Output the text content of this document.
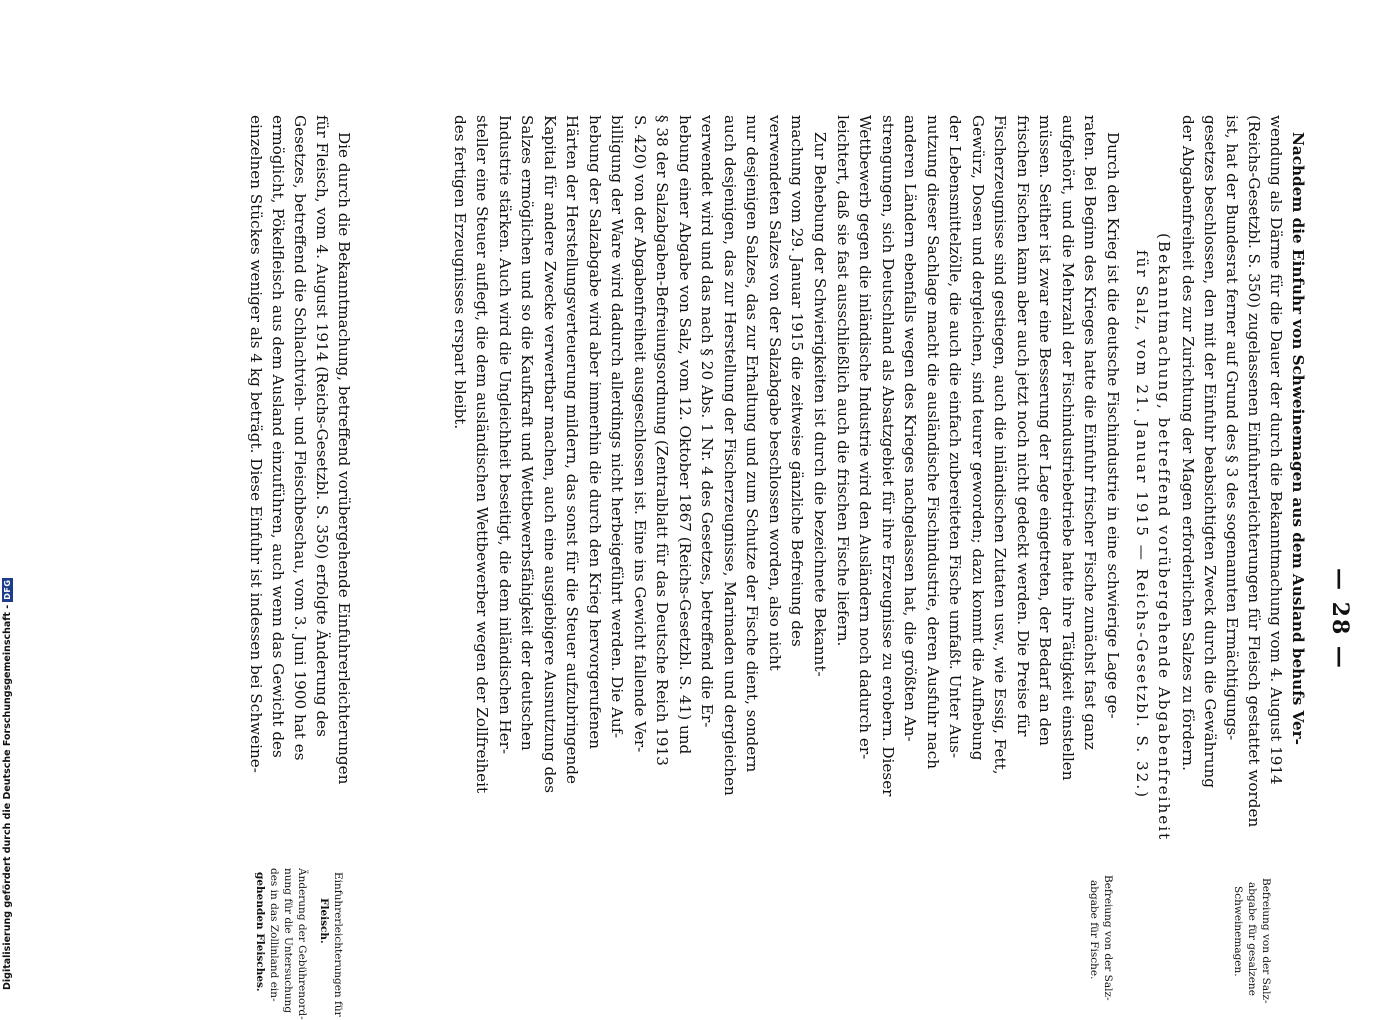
Digitalisierung gefördert durch die Deutsche Forschungsgemeinschaft -
DFG	— 28 —
Nachdem die Einfuhr von Schweinemagen aus dem Ausland behufs Ver-
wendung als Därme für die Dauer der durch die Bekanntmachung vom 4. August 1914
(Reichs-Gesetzbl. S. 350) zugelassenen Einfuhrerleichterungen für Fleisch gestattet worden
ist, hat der Bundesrat ferner auf Grund des § 3 des sogenannten Ermächtigungs-
gesetzes beschlossen, den mit der Einfuhr beabsichtigten Zweck durch die Gewährung
der Abgabenfreiheit des zur Zurichtung der Magen erforderlichen Salzes zu fördern.
(Bekanntmachung, betreffend vorübergehende Abgabenfreiheit
für Salz, vom 21. Januar 1915 — Reichs-Gesetzbl. S. 32.)
Durch den Krieg ist die deutsche Fischindustrie in eine schwierige Lage ge-
raten. Bei Beginn des Krieges hatte die Einfuhr frischer Fische zunächst fast ganz
aufgehört, und die Mehrzahl der Fischindustriebetriebe hatte ihre Tätigkeit einstellen
müssen. Seither ist zwar eine Besserung der Lage eingetreten, der Bedarf an den
frischen Fischen kann aber auch jetzt noch nicht gedeckt werden. Die Preise für
Fischerzeugnisse sind gestiegen, auch die inländischen Zutaten usw., wie Essig, Fett,
Gewürz, Dosen und dergleichen, sind teurer geworden; dazu kommt die Aufhebung
der Lebensmittelzölle, die auch die einfach zubereiteten Fische umfaßt. Unter Aus-
nutzung dieser Sachlage macht die ausländische Fischindustrie, deren Ausfuhr nach
anderen Ländern ebenfalls wegen des Krieges nachgelassen hat, die größten An-
strengungen, sich Deutschland als Absatzgebiet für ihre Erzeugnisse zu erobern. Dieser
Wettbewerb gegen die inländische Industrie wird den Ausländern noch dadurch er-
leichtert, daß sie fast ausschließlich auch die frischen Fische liefern.
Zur Behebung der Schwierigkeiten ist durch die bezeichnete Bekannt-
machung vom 29. Januar 1915 die zeitweise gänzliche Befreiung des
verwendeten Salzes von der Salzabgabe beschlossen worden, also nicht
nur desjenigen Salzes, das zur Erhaltung und zum Schutze der Fische dient, sondern
auch desjenigen, das zur Herstellung der Fischerzeugnisse, Marinaden und dergleichen
verwendet wird und das nach § 20 Abs. 1 Nr. 4 des Gesetzes, betreffend die Er-
hebung einer Abgabe von Salz, vom 12. Oktober 1867 (Reichs-Gesetzbl. S. 41) und
§ 38 der Salzabgaben-Befreiungsordnung (Zentralblatt für das Deutsche Reich 1913
S. 420) von der Abgabenfreiheit ausgeschlossen ist. Eine ins Gewicht fallende Ver-
billigung der Ware wird dadurch allerdings nicht herbeigeführt werden. Die Auf-
hebung der Salzabgabe wird aber immerhin die durch den Krieg hervorgerufenen
Härten der Herstellungsverteuerung mildern, das sonst für die Steuer aufzubringende
Kapital für andere Zwecke verwertbar machen, auch eine ausgiebigere Ausnutzung des
Salzes ermöglichen und so die Kaufkraft und Wettbewerbsfähigkeit der deutschen
Industrie stärken. Auch wird die Ungleichheit beseitigt, die dem inländischen Her-
steller eine Steuer auflegt, die dem ausländischen Wettbewerber wegen der Zollfreiheit
des fertigen Erzeugnisses erspart bleibt.
Die durch die Bekanntmachung, betreffend vorübergehende Einfuhrerleichterungen
für Fleisch, vom 4. August 1914 (Reichs-Gesetzbl. S. 350) erfolgte Änderung des
Gesetzes, betreffend die Schlachtvieh- und Fleischbeschau, vom 3. Juni 1900 hat es
ermöglicht, Pökelfleisch aus dem Ausland einzuführen, auch wenn das Gewicht des
einzelnen Stückes weniger als 4 kg beträgt. Diese Einfuhr ist indessen bei Schweine-
Befreiung von der Salz-
abgabe für gesalzene
Schweinemagen.
Befreiung von der Salz-
abgabe für Fische.
Einfuhrerleichterungen für
Fleisch.
Änderung der Gebührenord-
nung für die Untersuchung
des in das Zollinland ein-
gehenden Fleisches.
